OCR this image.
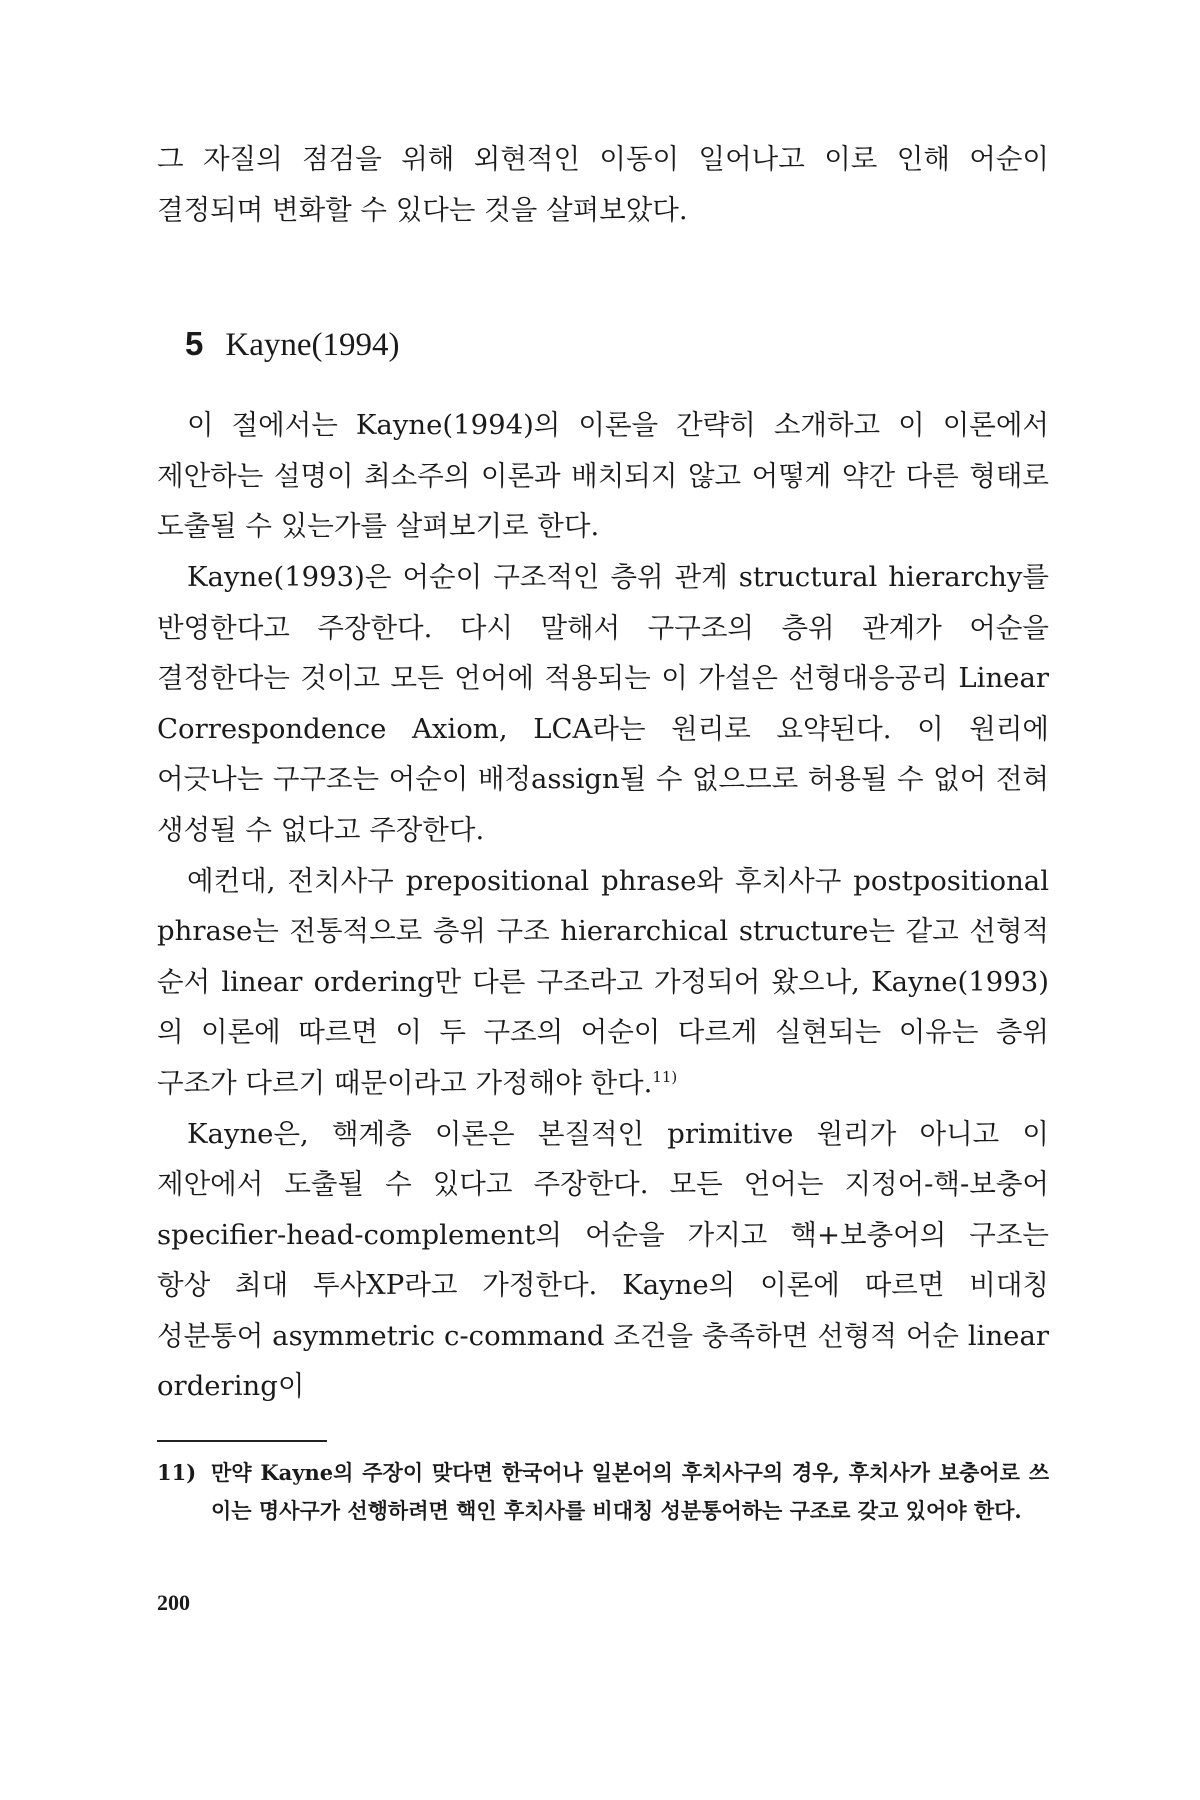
그 자질의 점검을 위해 외현적인 이동이 일어나고 이로 인해 어순이 결정되며 변화할 수 있다는 것을 살펴보았다.

5 Kayne(1994)

이 절에서는 Kayne(1994)의 이론을 간략히 소개하고 이 이론에서 제안하는 설명이 최소주의 이론과 배치되지 않고 어떻게 약간 다른 형태로 도출될 수 있는가를 살펴보기로 한다.

Kayne(1993)은 어순이 구조적인 층위 관계 structural hierarchy를 반영한다고 주장한다. 다시 말해서 구구조의 층위 관계가 어순을 결정한다는 것이고 모든 언어에 적용되는 이 가설은 선형대응공리 Linear Correspondence Axiom, LCA라는 원리로 요약된다. 이 원리에 어긋나는 구구조는 어순이 배정assign될 수 없으므로 허용될 수 없어 전혀 생성될 수 없다고 주장한다.

예컨대, 전치사구 prepositional phrase와 후치사구 postpositional phrase는 전통적으로 층위 구조 hierarchical structure는 같고 선형적 순서 linear ordering만 다른 구조라고 가정되어 왔으나, Kayne(1993)의 이론에 따르면 이 두 구조의 어순이 다르게 실현되는 이유는 층위 구조가 다르기 때문이라고 가정해야 한다.$^{11)}$

Kayne은, 핵계층 이론은 본질적인 primitive 원리가 아니고 이 제안에서 도출될 수 있다고 주장한다. 모든 언어는 지정어-핵-보충어 specifier-head-complement의 어순을 가지고 핵+보충어의 구조는 항상 최대 투사XP라고 가정한다. Kayne의 이론에 따르면 비대칭 성분통어 asymmetric c-command 조건을 충족하면 선형적 어순 linear ordering이

11) 만약 Kayne의 주장이 맞다면 한국어나 일본어의 후치사구의 경우, 후치사가 보충어로 쓰이는 명사구가 선행하려면 핵인 후치사를 비대칭 성분통어하는 구조로 갖고 있어야 한다.
200
